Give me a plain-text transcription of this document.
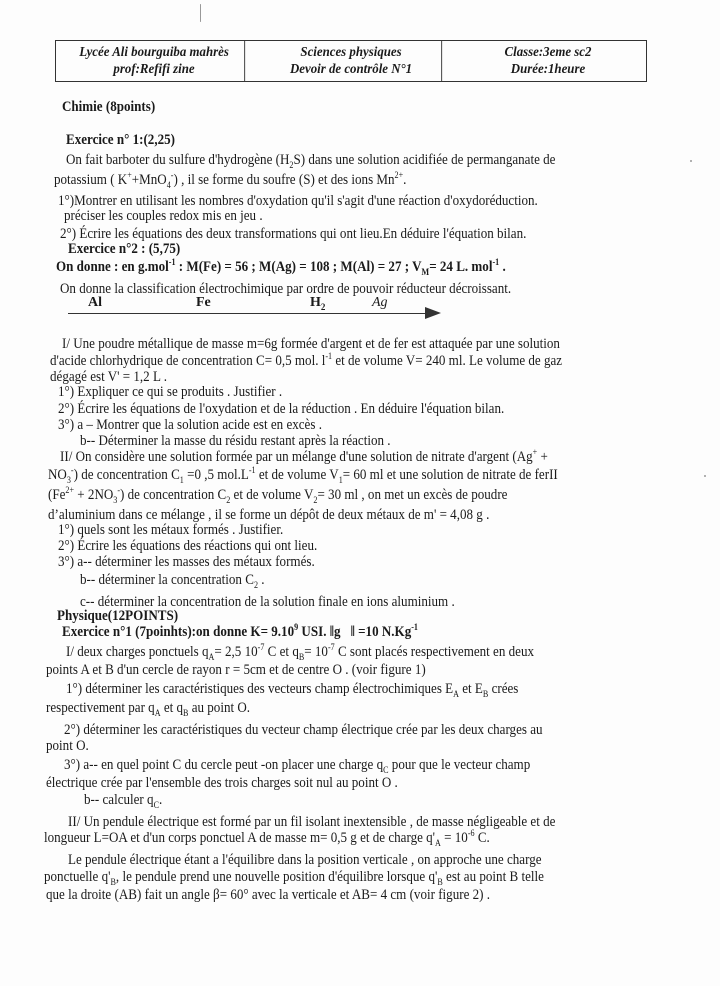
Lycée Ali bourguiba mahrès
prof:Refifi zine
Sciences physiques
Devoir de contrôle N°1
Classe:3eme sc2
Durée:1heure
Chimie (8points)
Exercice n° 1:(2,25)
On fait barboter du sulfure d'hydrogène $(H_2S)$ dans une solution acidifiée de permanganate de
potassium ( K++MnO$_4$-) , il se forme du soufre (S) et des ions $Mn^{2+}$.
1°)Montrer en utilisant les nombres d'oxydation qu'il s'agit d'une réaction d'oxydoréduction.
préciser les couples redox mis en jeu .
2°) Écrire les équations des deux transformations qui ont lieu.En déduire l'équation bilan.
Exercice n°2 : (5,75)
On donne : en g.mol$^{-1}$ : M(Fe) = 56 ; M(Ag) = 108 ; M(Al) = 27 ; $V_M= 24$ L. mol$^{-1}$ .
On donne la classification électrochimique par ordre de pouvoir réducteur décroissant.
I/ Une poudre métallique de masse m=6g formée d'argent et de fer est attaquée par une solution
d'acide chlorhydrique de concentration C= 0,5 mol. $l^{-1}$ et de volume V= 240 ml. Le volume de gaz
dégagé est V' = 1,2 L .
1°) Expliquer ce qui se produits . Justifier .
2°) Écrire les équations de l'oxydation et de la réduction . En déduire l'équation bilan.
3°) a – Montrer que la solution acide est en excès .
b-- Déterminer la masse du résidu restant après la réaction .
II/ On considère une solution formée par un mélange d'une solution de nitrate d'argent (Ag+ +
$NO_3^-$) de concentration $C_1 =0$ ,5 $mol.L^{-1}$ et de volume $V_1= 60$ ml et une solution de nitrate de ferII
$(Fe^{2+} + 2NO_3^-)$ de concentration $C_2$ et de volume $V_2= 30$ ml , on met un excès de poudre
d’aluminium dans ce mélange , il se forme un dépôt de deux métaux de m' = 4,08 g .
1°) quels sont les métaux formés . Justifier.
2°) Écrire les équations des réactions qui ont lieu.
3°) a-- déterminer les masses des métaux formés.
b-- déterminer la concentration $C_2$ .
c-- déterminer la concentration de la solution finale en ions aluminium .
Physique(12POINTS)
Exercice n°1 (7poinhts):on donne $K= 9.10^9$ USI. ‖g⃗‖ =10 $N.Kg^{-1}$
I/ deux charges ponctuels $q_A= 2,5$ $10^{-7}$ C et $q_B= 10^{-7}$ C sont placés respectivement en deux
points A et B d'un cercle de rayon r = 5cm et de centre O . (voir figure 1)
1°) déterminer les caractéristiques des vecteurs champ électrochimiques $E_A$ et $E_B$ crées
respectivement par $q_A$ et $q_B$ au point O.
2°) déterminer les caractéristiques du vecteur champ électrique crée par les deux charges au
point O.
3°) a-- en quel point C du cercle peut -on placer une charge $q_C$ pour que le vecteur champ
électrique crée par l'ensemble des trois charges soit nul au point O .
b-- calculer $q_C$.
II/ Un pendule électrique est formé par un fil isolant inextensible , de masse négligeable et de
longueur L=OA et d'un corps ponctuel A de masse m= 0,5 g et de charge $q'_A = 10^{-6}$ C.
Le pendule électrique étant a l'équilibre dans la position verticale , on approche une charge
ponctuelle $q'_B$, le pendule prend une nouvelle position d'équilibre lorsque $q'_B$ est au point B telle
que la droite (AB) fait un angle β= 60° avec la verticale et AB= 4 cm (voir figure 2) .
Al	Fe	$H_2$	Ag
